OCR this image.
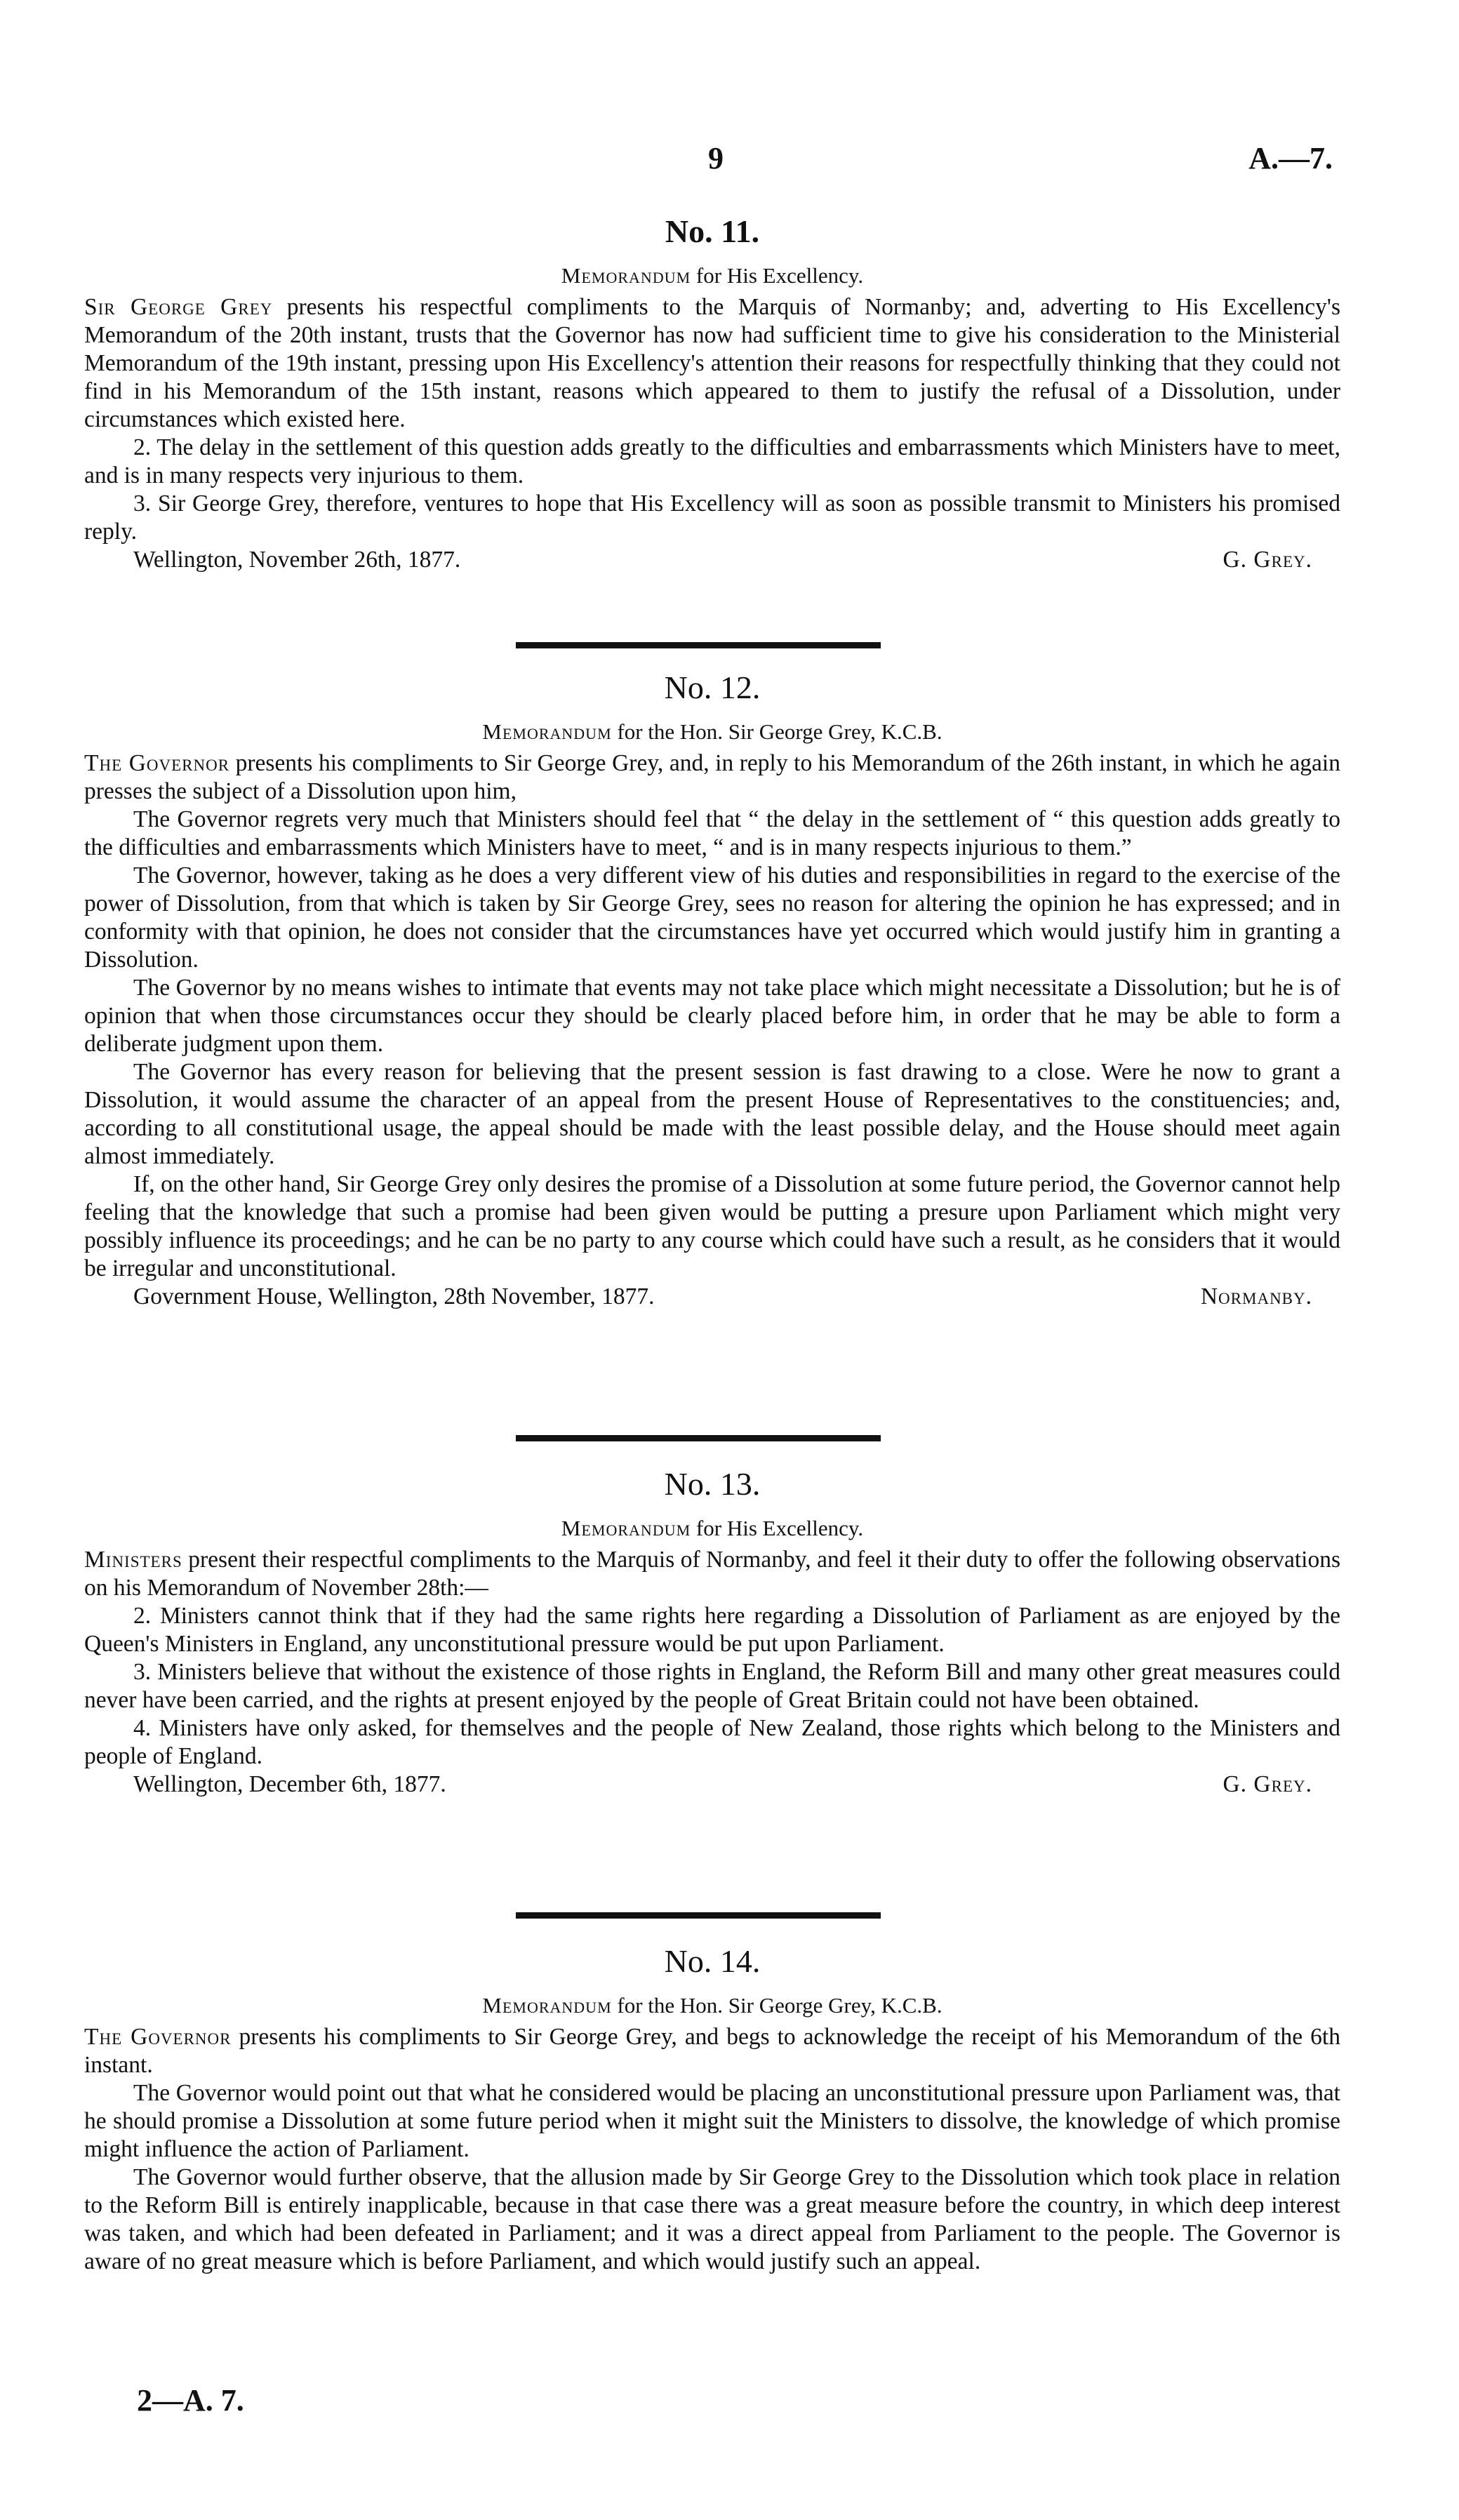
9	A.—7.
No. 11.
Memorandum for His Excellency.

Sir George Grey presents his respectful compliments to the Marquis of Normanby; and, adverting to His Excellency's Memorandum of the 20th instant, trusts that the Governor has now had sufficient time to give his consideration to the Ministerial Memorandum of the 19th instant, pressing upon His Excellency's attention their reasons for respectfully thinking that they could not find in his Memorandum of the 15th instant, reasons which appeared to them to justify the refusal of a Dissolution, under circumstances which existed here.

2. The delay in the settlement of this question adds greatly to the difficulties and embarrassments which Ministers have to meet, and is in many respects very injurious to them.

3. Sir George Grey, therefore, ventures to hope that His Excellency will as soon as possible transmit to Ministers his promised reply.

Wellington, November 26th, 1877.	G. Grey.
No. 12.
Memorandum for the Hon. Sir George Grey, K.C.B.

The Governor presents his compliments to Sir George Grey, and, in reply to his Memorandum of the 26th instant, in which he again presses the subject of a Dissolution upon him,

The Governor regrets very much that Ministers should feel that “ the delay in the settlement of “ this question adds greatly to the difficulties and embarrassments which Ministers have to meet, “ and is in many respects injurious to them.”

The Governor, however, taking as he does a very different view of his duties and responsibilities in regard to the exercise of the power of Dissolution, from that which is taken by Sir George Grey, sees no reason for altering the opinion he has expressed; and in conformity with that opinion, he does not consider that the circumstances have yet occurred which would justify him in granting a Dissolution.

The Governor by no means wishes to intimate that events may not take place which might necessitate a Dissolution; but he is of opinion that when those circumstances occur they should be clearly placed before him, in order that he may be able to form a deliberate judgment upon them.

The Governor has every reason for believing that the present session is fast drawing to a close. Were he now to grant a Dissolution, it would assume the character of an appeal from the present House of Representatives to the constituencies; and, according to all constitutional usage, the appeal should be made with the least possible delay, and the House should meet again almost immediately.

If, on the other hand, Sir George Grey only desires the promise of a Dissolution at some future period, the Governor cannot help feeling that the knowledge that such a promise had been given would be putting a presure upon Parliament which might very possibly influence its proceedings; and he can be no party to any course which could have such a result, as he considers that it would be irregular and unconstitutional.

Government House, Wellington, 28th November, 1877.	Normanby.
No. 13.
Memorandum for His Excellency.

Ministers present their respectful compliments to the Marquis of Normanby, and feel it their duty to offer the following observations on his Memorandum of November 28th:—

2. Ministers cannot think that if they had the same rights here regarding a Dissolution of Parliament as are enjoyed by the Queen's Ministers in England, any unconstitutional pressure would be put upon Parliament.

3. Ministers believe that without the existence of those rights in England, the Reform Bill and many other great measures could never have been carried, and the rights at present enjoyed by the people of Great Britain could not have been obtained.

4. Ministers have only asked, for themselves and the people of New Zealand, those rights which belong to the Ministers and people of England.

Wellington, December 6th, 1877.	G. Grey.
No. 14.
Memorandum for the Hon. Sir George Grey, K.C.B.

The Governor presents his compliments to Sir George Grey, and begs to acknowledge the receipt of his Memorandum of the 6th instant.

The Governor would point out that what he considered would be placing an unconstitutional pressure upon Parliament was, that he should promise a Dissolution at some future period when it might suit the Ministers to dissolve, the knowledge of which promise might influence the action of Parliament.

The Governor would further observe, that the allusion made by Sir George Grey to the Dissolution which took place in relation to the Reform Bill is entirely inapplicable, because in that case there was a great measure before the country, in which deep interest was taken, and which had been defeated in Parliament; and it was a direct appeal from Parliament to the people. The Governor is aware of no great measure which is before Parliament, and which would justify such an appeal.

2—A. 7.
